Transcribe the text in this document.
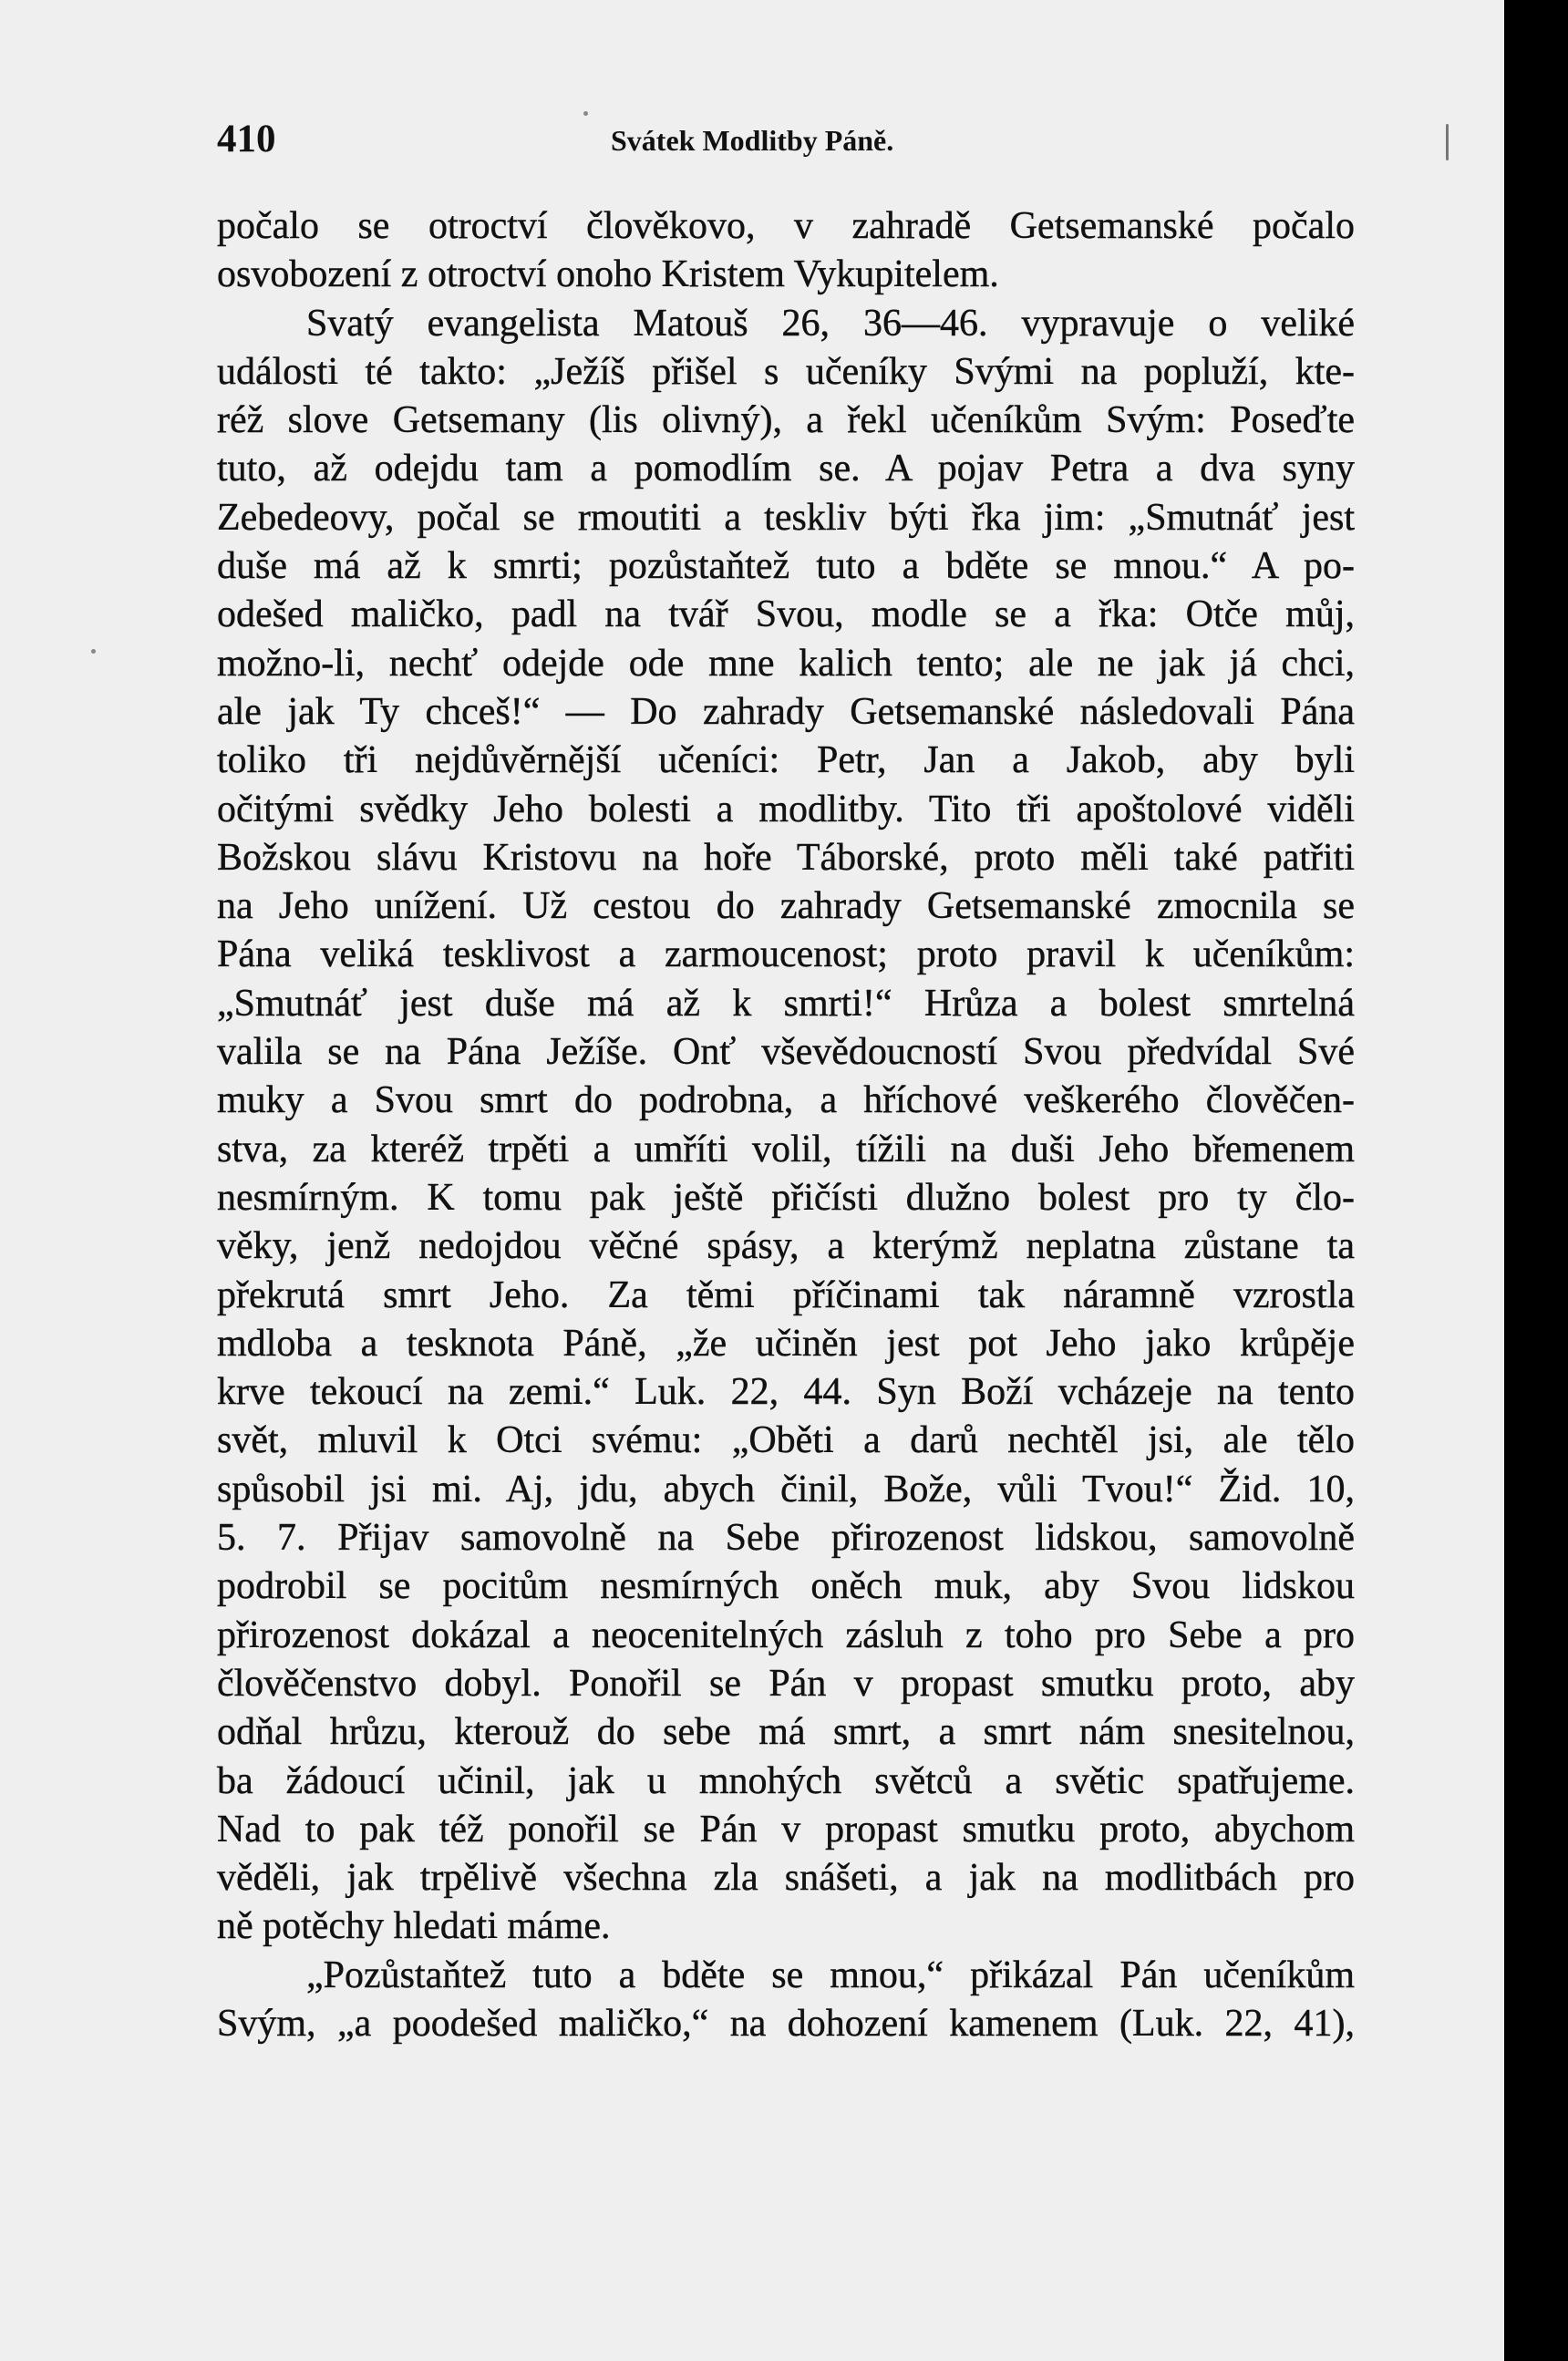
410	Svátek Modlitby Páně.
počalo se otroctví člověkovo, v zahradě Getsemanské počalo
osvobození z otroctví onoho Kristem Vykupitelem.
Svatý evangelista Matouš 26, 36—46. vypravuje o veliké
události té takto: „Ježíš přišel s učeníky Svými na popluží, kte-
réž slove Getsemany (lis olivný), a řekl učeníkům Svým: Poseďte
tuto, až odejdu tam a pomodlím se. A pojav Petra a dva syny
Zebedeovy, počal se rmoutiti a teskliv býti řka jim: „Smutnáť jest
duše má až k smrti; pozůstaňtež tuto a bděte se mnou.“ A po-
odešed maličko, padl na tvář Svou, modle se a řka: Otče můj,
možno-li, nechť odejde ode mne kalich tento; ale ne jak já chci,
ale jak Ty chceš!“ — Do zahrady Getsemanské následovali Pána
toliko tři nejdůvěrnější učeníci: Petr, Jan a Jakob, aby byli
očitými svědky Jeho bolesti a modlitby. Tito tři apoštolové viděli
Božskou slávu Kristovu na hoře Táborské, proto měli také patřiti
na Jeho unížení. Už cestou do zahrady Getsemanské zmocnila se
Pána veliká tesklivost a zarmoucenost; proto pravil k učeníkům:
„Smutnáť jest duše má až k smrti!“ Hrůza a bolest smrtelná
valila se na Pána Ježíše. Onť vševědoucností Svou předvídal Své
muky a Svou smrt do podrobna, a hříchové veškerého člověčen-
stva, za kteréž trpěti a umříti volil, tížili na duši Jeho břemenem
nesmírným. K tomu pak ještě přičísti dlužno bolest pro ty člo-
věky, jenž nedojdou věčné spásy, a kterýmž neplatna zůstane ta
překrutá smrt Jeho. Za těmi příčinami tak náramně vzrostla
mdloba a tesknota Páně, „že učiněn jest pot Jeho jako krůpěje
krve tekoucí na zemi.“ Luk. 22, 44. Syn Boží vcházeje na tento
svět, mluvil k Otci svému: „Oběti a darů nechtěl jsi, ale tělo
spůsobil jsi mi. Aj, jdu, abych činil, Bože, vůli Tvou!“ Žid. 10,
5. 7. Přijav samovolně na Sebe přirozenost lidskou, samovolně
podrobil se pocitům nesmírných oněch muk, aby Svou lidskou
přirozenost dokázal a neocenitelných zásluh z toho pro Sebe a pro
člověčenstvo dobyl. Ponořil se Pán v propast smutku proto, aby
odňal hrůzu, kterouž do sebe má smrt, a smrt nám snesitelnou,
ba žádoucí učinil, jak u mnohých světců a světic spatřujeme.
Nad to pak též ponořil se Pán v propast smutku proto, abychom
věděli, jak trpělivě všechna zla snášeti, a jak na modlitbách pro
ně potěchy hledati máme.
„Pozůstaňtež tuto a bděte se mnou,“ přikázal Pán učeníkům
Svým, „a poodešed maličko,“ na dohození kamenem (Luk. 22, 41),
